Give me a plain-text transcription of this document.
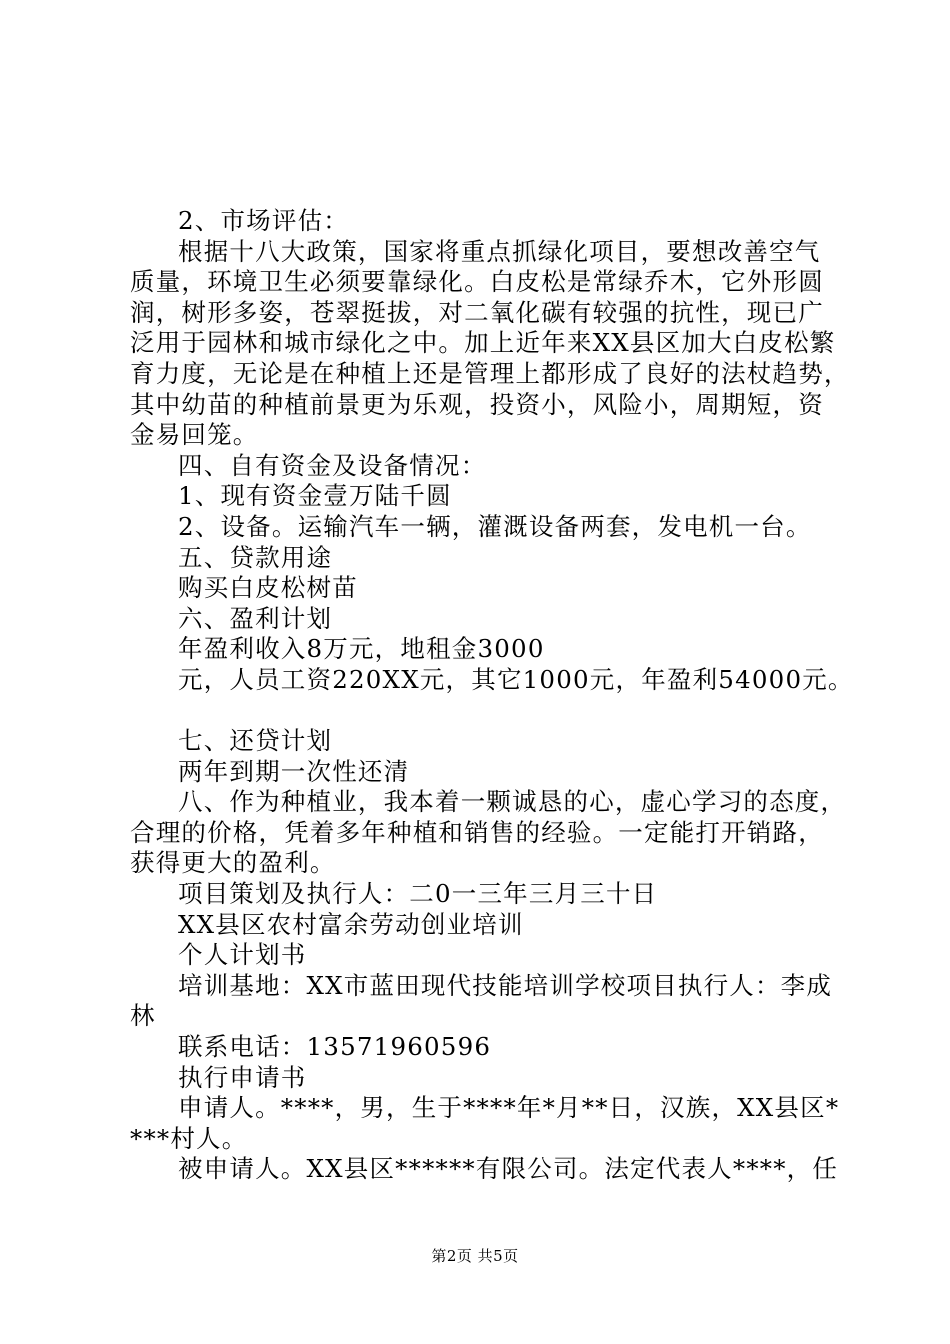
2、市场评估：
根据十八大政策，国家将重点抓绿化项目，要想改善空气
质量，环境卫生必须要靠绿化。白皮松是常绿乔木，它外形圆
润，树形多姿，苍翠挺拔，对二氧化碳有较强的抗性，现已广
泛用于园林和城市绿化之中。加上近年来XX县区加大白皮松繁
育力度，无论是在种植上还是管理上都形成了良好的法杖趋势，
其中幼苗的种植前景更为乐观，投资小，风险小，周期短，资
金易回笼。
四、自有资金及设备情况：
1、现有资金壹万陆千圆
2、设备。运输汽车一辆，灌溉设备两套，发电机一台。
五、贷款用途
购买白皮松树苗
六、盈利计划
年盈利收入8万元，地租金3000
元，人员工资220XX元，其它1000元，年盈利54000元。
七、还贷计划
两年到期一次性还清
八、作为种植业，我本着一颗诚恳的心，虚心学习的态度，
合理的价格，凭着多年种植和销售的经验。一定能打开销路，
获得更大的盈利。
项目策划及执行人：二0一三年三月三十日
XX县区农村富余劳动创业培训
个人计划书
培训基地：XX市蓝田现代技能培训学校项目执行人：李成
林
联系电话：13571960596
执行申请书
申请人。****，男，生于****年*月**日，汉族，XX县区*
***村人。
被申请人。XX县区******有限公司。法定代表人****，任
第2页 共5页
